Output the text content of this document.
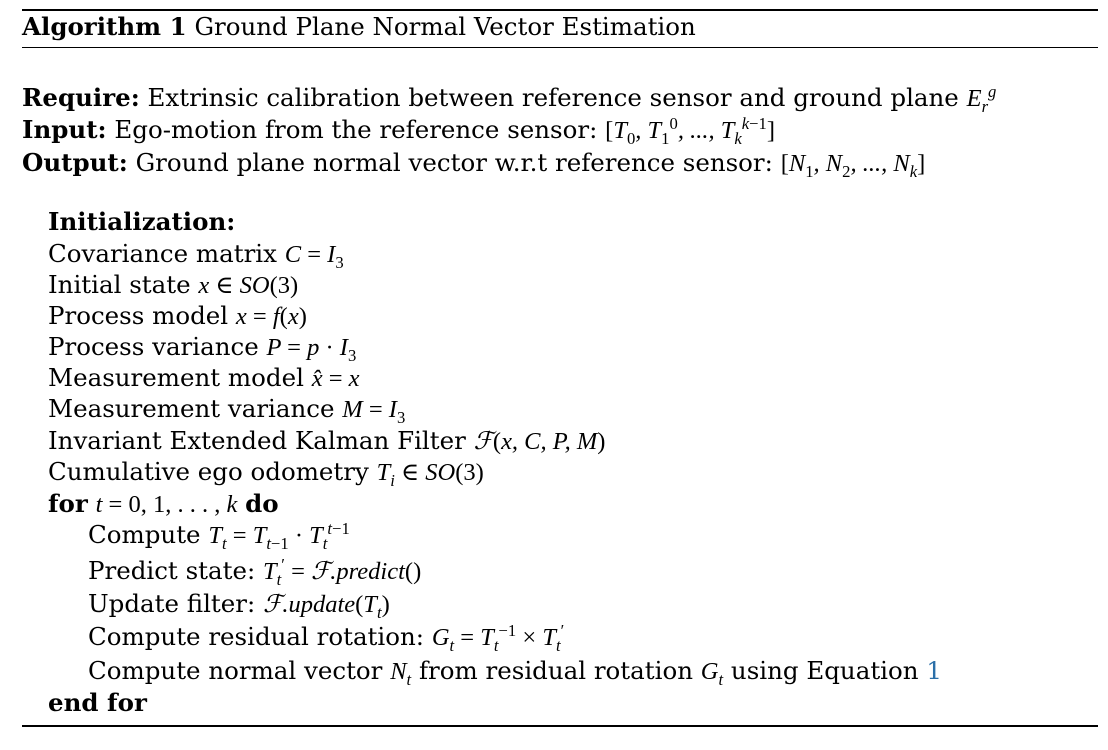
Algorithm 1 Ground Plane Normal Vector Estimation
Require: Extrinsic calibration between reference sensor and ground plane $E_r^g$
Input: Ego-motion from the reference sensor: [$T_0$, $T_1^0$, ..., $T_k^{k-1}$]
Output: Ground plane normal vector w.r.t reference sensor: [$N_1$, $N_2$, ..., $N_k$]
Initialization:
Covariance matrix $C = I_3$
Initial state x ∈ SO(3)
Process model x = f(x)
Process variance $P = p \cdot I_3$
Measurement model x̂ = x
Measurement variance $M = I_3$
Invariant Extended Kalman Filter ℱ(x, C, P, M)
Cumulative ego odometry $T_i$ ∈ SO(3)
for t = 0, 1, . . . , k do
Compute $T_t = T_{t-1} \cdot T_t^{t-1}$
Predict state: $T_t'$ = ℱ.predict()
Update filter: $ℱ.update(T_t)$
Compute residual rotation: $G_t = T_t^{-1} \times T_t'$
Compute normal vector $N_t$ from residual rotation $G_t$ using Equation 1
end for
